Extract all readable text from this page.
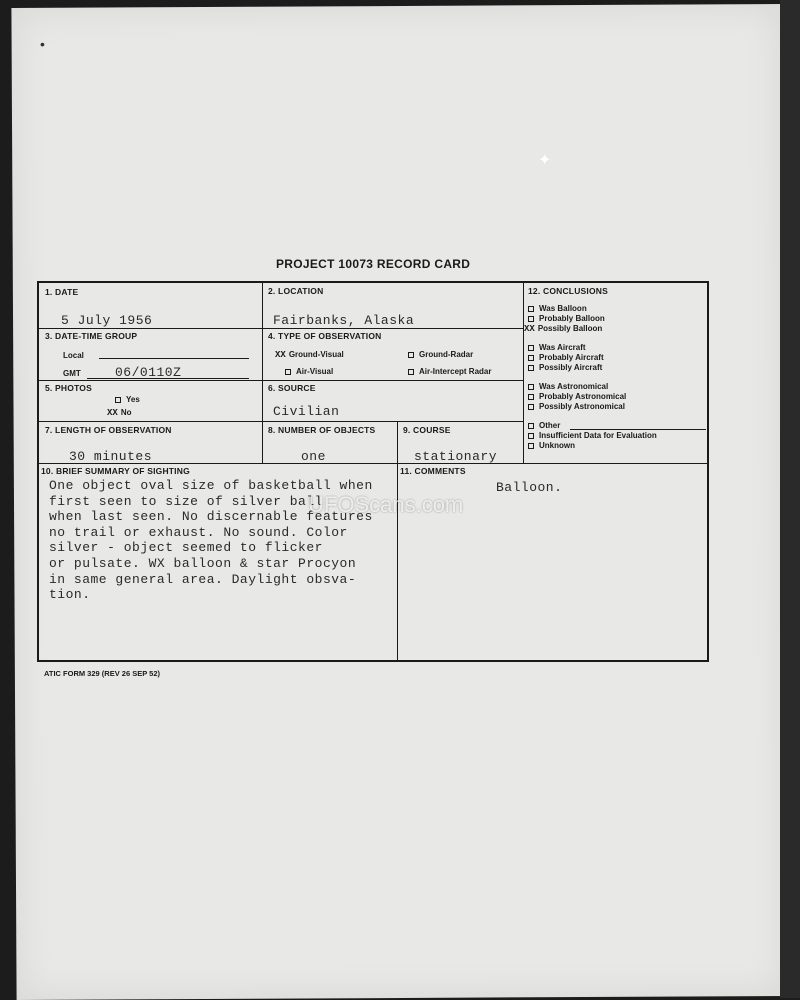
•
✦
PROJECT 10073 RECORD CARD
1. DATE
5 July 1956
2. LOCATION
Fairbanks, Alaska
3. DATE-TIME GROUP
Local
GMT	06/0110Z
4. TYPE OF OBSERVATION
XX Ground-Visual	Ground-Radar
Air-Visual	Air-Intercept Radar
5. PHOTOS
Yes
XX No
6. SOURCE
Civilian
7. LENGTH OF OBSERVATION
30 minutes
8. NUMBER OF OBJECTS
one
9. COURSE
stationary
10. BRIEF SUMMARY OF SIGHTING
One object oval size of basketball when
first seen to size of silver ball
when last seen. No discernable features
no trail or exhaust. No sound. Color
silver - object seemed to flicker
or pulsate. WX balloon & star Procyon
in same general area. Daylight obsva-
tion.
11. COMMENTS
Balloon.
12. CONCLUSIONS
Was Balloon
Probably Balloon
XX Possibly Balloon
Was Aircraft
Probably Aircraft
Possibly Aircraft
Was Astronomical
Probably Astronomical
Possibly Astronomical
Other
Insufficient Data for Evaluation
Unknown
UFOScans.com
ATIC FORM 329 (REV 26 SEP 52)
